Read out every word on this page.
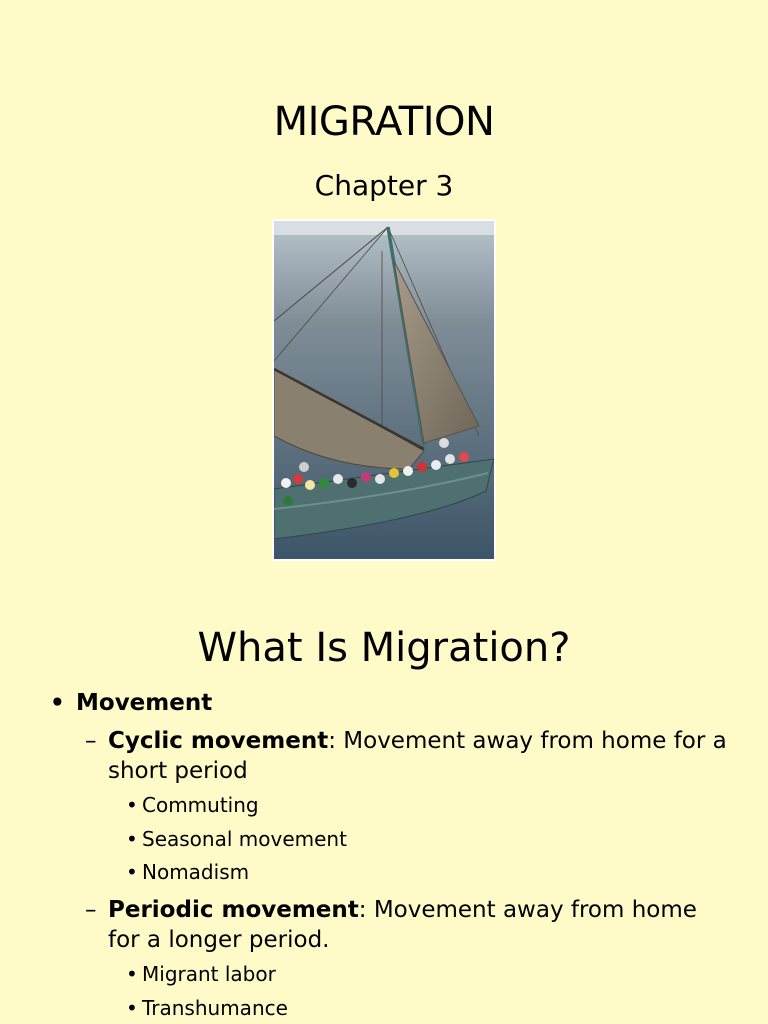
MIGRATION
Chapter 3
What Is Migration?
• Movement
– Cyclic movement: Movement away from home for a
short period
• Commuting
• Seasonal movement
• Nomadism
– Periodic movement: Movement away from home
for a longer period.
• Migrant labor
• Transhumance
